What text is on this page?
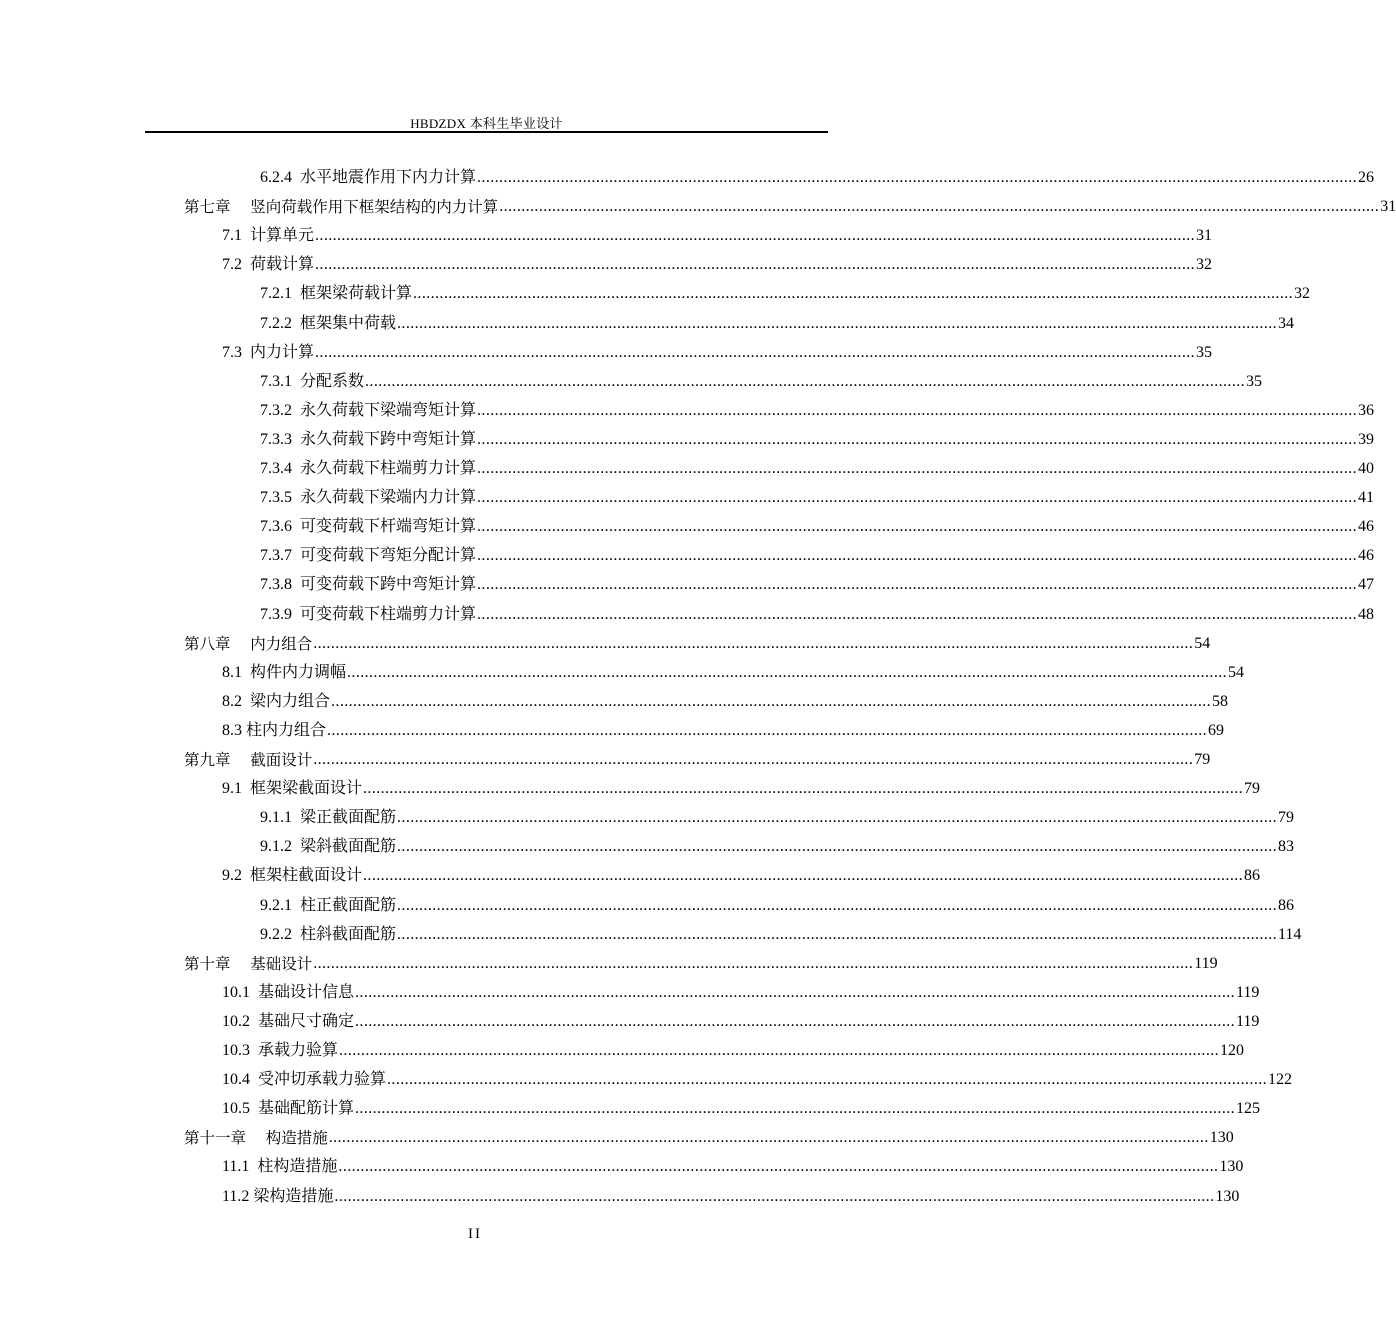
HBDZDX 本科生毕业设计
6.2.4  水平地震作用下内力计算 ........................................................................................................................................................................................................ 26
第七章    竖向荷载作用下框架结构的内力计算 ........................................................................................................................................................................................................ 31
7.1  计算单元 ........................................................................................................................................................................................................ 31
7.2  荷载计算 ........................................................................................................................................................................................................ 32
7.2.1  框架梁荷载计算 ........................................................................................................................................................................................................ 32
7.2.2  框架集中荷载 ........................................................................................................................................................................................................ 34
7.3  内力计算 ........................................................................................................................................................................................................ 35
7.3.1  分配系数 ........................................................................................................................................................................................................ 35
7.3.2  永久荷载下梁端弯矩计算 ........................................................................................................................................................................................................ 36
7.3.3  永久荷载下跨中弯矩计算 ........................................................................................................................................................................................................ 39
7.3.4  永久荷载下柱端剪力计算 ........................................................................................................................................................................................................ 40
7.3.5  永久荷载下梁端内力计算 ........................................................................................................................................................................................................ 41
7.3.6  可变荷载下杆端弯矩计算 ........................................................................................................................................................................................................ 46
7.3.7  可变荷载下弯矩分配计算 ........................................................................................................................................................................................................ 46
7.3.8  可变荷载下跨中弯矩计算 ........................................................................................................................................................................................................ 47
7.3.9  可变荷载下柱端剪力计算 ........................................................................................................................................................................................................ 48
第八章    内力组合 ........................................................................................................................................................................................................ 54
8.1  构件内力调幅 ........................................................................................................................................................................................................ 54
8.2  梁内力组合 ........................................................................................................................................................................................................ 58
8.3 柱内力组合 ........................................................................................................................................................................................................ 69
第九章    截面设计 ........................................................................................................................................................................................................ 79
9.1  框架梁截面设计 ........................................................................................................................................................................................................ 79
9.1.1  梁正截面配筋 ........................................................................................................................................................................................................ 79
9.1.2  梁斜截面配筋 ........................................................................................................................................................................................................ 83
9.2  框架柱截面设计 ........................................................................................................................................................................................................ 86
9.2.1  柱正截面配筋 ........................................................................................................................................................................................................ 86
9.2.2  柱斜截面配筋 ........................................................................................................................................................................................................ 114
第十章    基础设计 ........................................................................................................................................................................................................ 119
10.1  基础设计信息 ........................................................................................................................................................................................................ 119
10.2  基础尺寸确定 ........................................................................................................................................................................................................ 119
10.3  承载力验算 ........................................................................................................................................................................................................ 120
10.4  受冲切承载力验算 ........................................................................................................................................................................................................ 122
10.5  基础配筋计算 ........................................................................................................................................................................................................ 125
第十一章    构造措施 ........................................................................................................................................................................................................ 130
11.1  柱构造措施 ........................................................................................................................................................................................................ 130
11.2 梁构造措施 ........................................................................................................................................................................................................ 130
II
